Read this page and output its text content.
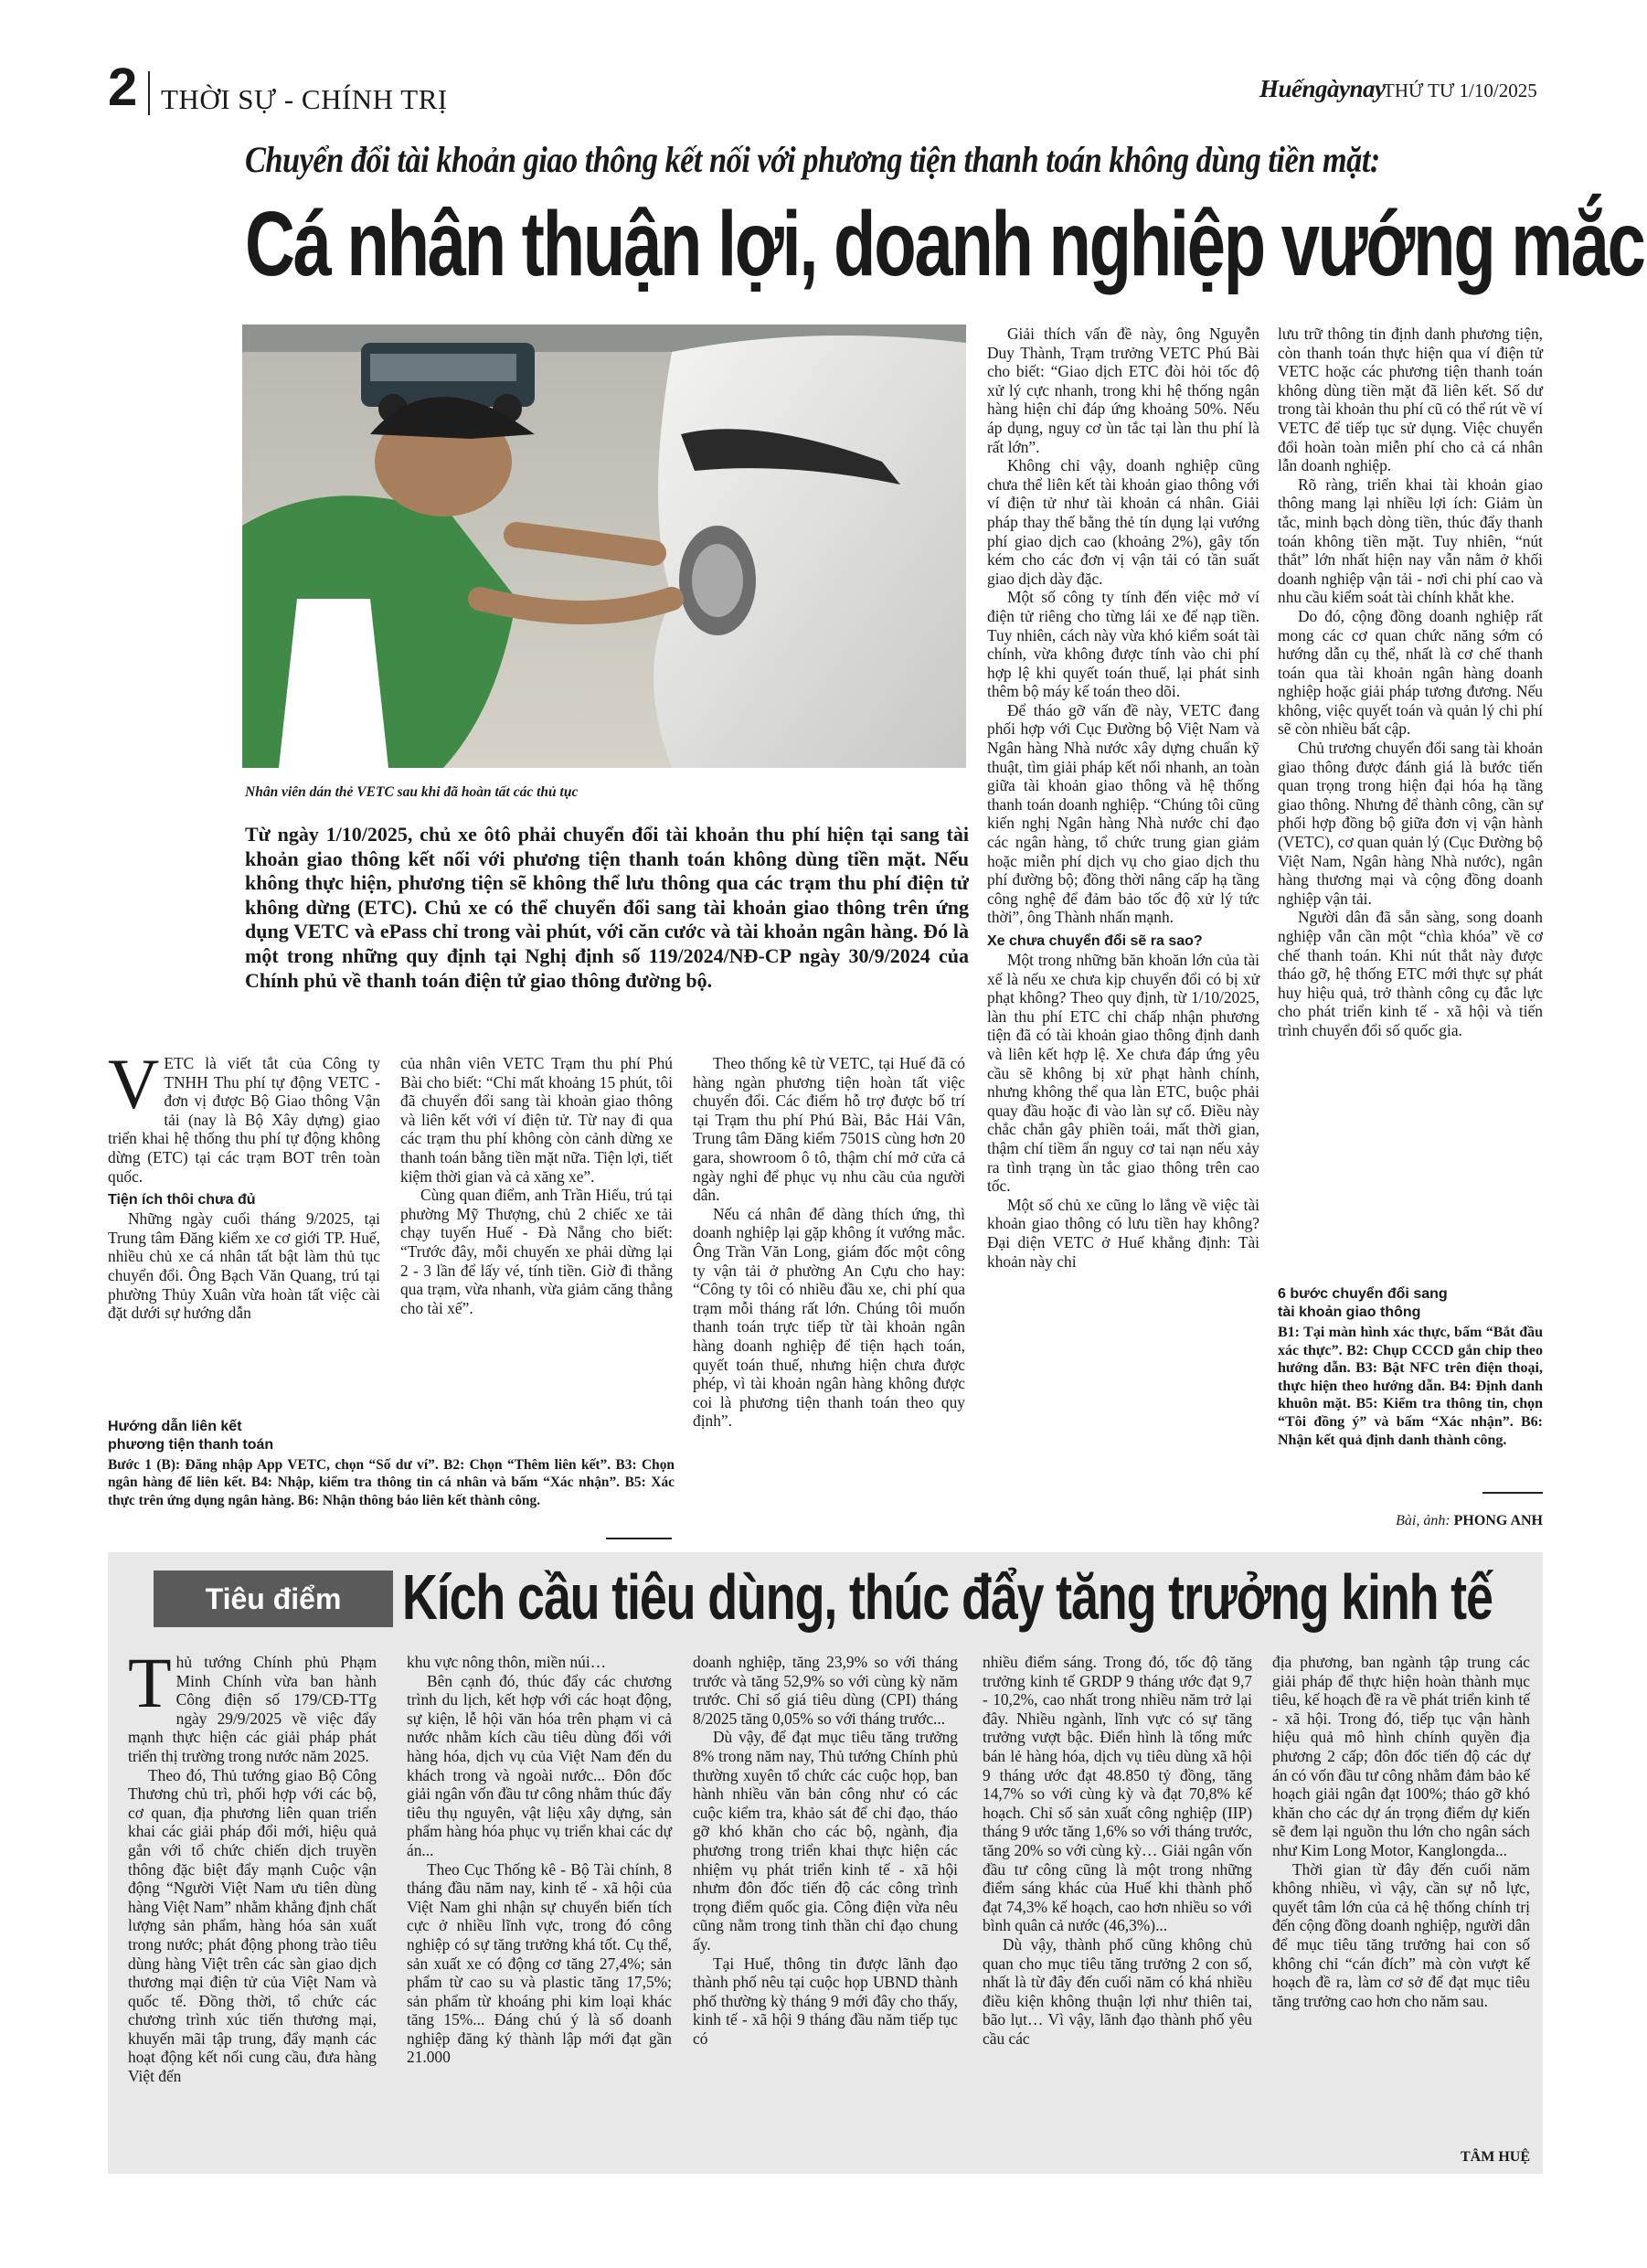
2 THỜI SỰ - CHÍNH TRỊ	Huếngàynay
THỨ TƯ 1/10/2025
Chuyển đổi tài khoản giao thông kết nối với phương tiện thanh toán không dùng tiền mặt:
Cá nhân thuận lợi, doanh nghiệp vướng mắc
Nhân viên dán thẻ VETC sau khi đã hoàn tất các thủ tục
Từ ngày 1/10/2025, chủ xe ôtô phải chuyển đổi tài khoản thu phí hiện tại sang tài khoản giao thông kết nối với phương tiện thanh toán không dùng tiền mặt. Nếu không thực hiện, phương tiện sẽ không thể lưu thông qua các trạm thu phí điện tử không dừng (ETC). Chủ xe có thể chuyển đổi sang tài khoản giao thông trên ứng dụng VETC và ePass chỉ trong vài phút, với căn cước và tài khoản ngân hàng. Đó là một trong những quy định tại Nghị định số 119/2024/NĐ-CP ngày 30/9/2024 của Chính phủ về thanh toán điện tử giao thông đường bộ.

VETC là viết tắt của Công ty TNHH Thu phí tự động VETC - đơn vị được Bộ Giao thông Vận tải (nay là Bộ Xây dựng) giao triển khai hệ thống thu phí tự động không dừng (ETC) tại các trạm BOT trên toàn quốc.

Tiện ích thôi chưa đủ

Những ngày cuối tháng 9/2025, tại Trung tâm Đăng kiểm xe cơ giới TP. Huế, nhiều chủ xe cá nhân tất bật làm thủ tục chuyển đổi. Ông Bạch Văn Quang, trú tại phường Thủy Xuân vừa hoàn tất việc cài đặt dưới sự hướng dẫn

của nhân viên VETC Trạm thu phí Phú Bài cho biết: “Chỉ mất khoảng 15 phút, tôi đã chuyển đổi sang tài khoản giao thông và liên kết với ví điện tử. Từ nay đi qua các trạm thu phí không còn cảnh dừng xe thanh toán bằng tiền mặt nữa. Tiện lợi, tiết kiệm thời gian và cả xăng xe”.

Cùng quan điểm, anh Trần Hiếu, trú tại phường Mỹ Thượng, chủ 2 chiếc xe tải chạy tuyến Huế - Đà Nẵng cho biết: “Trước đây, mỗi chuyến xe phải dừng lại 2 - 3 lần để lấy vé, tính tiền. Giờ đi thẳng qua trạm, vừa nhanh, vừa giảm căng thẳng cho tài xế”.

Hướng dẫn liên kết phương tiện thanh toán
Bước 1 (B): Đăng nhập App VETC, chọn “Số dư ví”. B2: Chọn “Thêm liên kết”. B3: Chọn ngân hàng để liên kết. B4: Nhập, kiểm tra thông tin cá nhân và bấm “Xác nhận”. B5: Xác thực trên ứng dụng ngân hàng. B6: Nhận thông báo liên kết thành công.

Theo thống kê từ VETC, tại Huế đã có hàng ngàn phương tiện hoàn tất việc chuyển đổi. Các điểm hỗ trợ được bố trí tại Trạm thu phí Phú Bài, Bắc Hải Vân, Trung tâm Đăng kiểm 7501S cùng hơn 20 gara, showroom ô tô, thậm chí mở cửa cả ngày nghỉ để phục vụ nhu cầu của người dân.

Nếu cá nhân để dàng thích ứng, thì doanh nghiệp lại gặp không ít vướng mắc. Ông Trần Văn Long, giám đốc một công ty vận tải ở phường An Cựu cho hay: “Công ty tôi có nhiều đầu xe, chi phí qua trạm mỗi tháng rất lớn. Chúng tôi muốn thanh toán trực tiếp từ tài khoản ngân hàng doanh nghiệp để tiện hạch toán, quyết toán thuế, nhưng hiện chưa được phép, vì tài khoản ngân hàng không được coi là phương tiện thanh toán theo quy định”.

Giải thích vấn đề này, ông Nguyễn Duy Thành, Trạm trưởng VETC Phú Bài cho biết: “Giao dịch ETC đòi hỏi tốc độ xử lý cực nhanh, trong khi hệ thống ngân hàng hiện chỉ đáp ứng khoảng 50%. Nếu áp dụng, nguy cơ ùn tắc tại làn thu phí là rất lớn”.

Không chỉ vậy, doanh nghiệp cũng chưa thể liên kết tài khoản giao thông với ví điện tử như tài khoản cá nhân. Giải pháp thay thế bằng thẻ tín dụng lại vướng phí giao dịch cao (khoảng 2%), gây tốn kém cho các đơn vị vận tải có tần suất giao dịch dày đặc.

Một số công ty tính đến việc mở ví điện tử riêng cho từng lái xe để nạp tiền. Tuy nhiên, cách này vừa khó kiểm soát tài chính, vừa không được tính vào chi phí hợp lệ khi quyết toán thuế, lại phát sinh thêm bộ máy kế toán theo dõi.

Để tháo gỡ vấn đề này, VETC đang phối hợp với Cục Đường bộ Việt Nam và Ngân hàng Nhà nước xây dựng chuẩn kỹ thuật, tìm giải pháp kết nối nhanh, an toàn giữa tài khoản giao thông và hệ thống thanh toán doanh nghiệp. “Chúng tôi cũng kiến nghị Ngân hàng Nhà nước chỉ đạo các ngân hàng, tổ chức trung gian giảm hoặc miễn phí dịch vụ cho giao dịch thu phí đường bộ; đồng thời nâng cấp hạ tầng công nghệ để đảm bảo tốc độ xử lý tức thời”, ông Thành nhấn mạnh.

Xe chưa chuyển đổi sẽ ra sao?

Một trong những băn khoăn lớn của tài xế là nếu xe chưa kịp chuyển đổi có bị xử phạt không? Theo quy định, từ 1/10/2025, làn thu phí ETC chỉ chấp nhận phương tiện đã có tài khoản giao thông định danh và liên kết hợp lệ. Xe chưa đáp ứng yêu cầu sẽ không bị xử phạt hành chính, nhưng không thể qua làn ETC, buộc phải quay đầu hoặc đi vào làn sự cố. Điều này chắc chắn gây phiền toái, mất thời gian, thậm chí tiềm ẩn nguy cơ tai nạn nếu xảy ra tình trạng ùn tắc giao thông trên cao tốc.

Một số chủ xe cũng lo lắng về việc tài khoản giao thông có lưu tiền hay không? Đại diện VETC ở Huế khẳng định: Tài khoản này chỉ

lưu trữ thông tin định danh phương tiện, còn thanh toán thực hiện qua ví điện tử VETC hoặc các phương tiện thanh toán không dùng tiền mặt đã liên kết. Số dư trong tài khoản thu phí cũ có thể rút về ví VETC để tiếp tục sử dụng. Việc chuyển đổi hoàn toàn miễn phí cho cả cá nhân lẫn doanh nghiệp.

Rõ ràng, triển khai tài khoản giao thông mang lại nhiều lợi ích: Giảm ùn tắc, minh bạch dòng tiền, thúc đẩy thanh toán không tiền mặt. Tuy nhiên, “nút thắt” lớn nhất hiện nay vẫn nằm ở khối doanh nghiệp vận tải - nơi chi phí cao và nhu cầu kiểm soát tài chính khắt khe.

Do đó, cộng đồng doanh nghiệp rất mong các cơ quan chức năng sớm có hướng dẫn cụ thể, nhất là cơ chế thanh toán qua tài khoản ngân hàng doanh nghiệp hoặc giải pháp tương đương. Nếu không, việc quyết toán và quản lý chi phí sẽ còn nhiều bất cập.

Chủ trương chuyển đổi sang tài khoản giao thông được đánh giá là bước tiến quan trọng trong hiện đại hóa hạ tầng giao thông. Nhưng để thành công, cần sự phối hợp đồng bộ giữa đơn vị vận hành (VETC), cơ quan quản lý (Cục Đường bộ Việt Nam, Ngân hàng Nhà nước), ngân hàng thương mại và cộng đồng doanh nghiệp vận tải.

Người dân đã sẵn sàng, song doanh nghiệp vẫn cần một “chìa khóa” về cơ chế thanh toán. Khi nút thắt này được tháo gỡ, hệ thống ETC mới thực sự phát huy hiệu quả, trở thành công cụ đắc lực cho phát triển kinh tế - xã hội và tiến trình chuyển đổi số quốc gia.

6 bước chuyển đổi sang tài khoản giao thông
B1: Tại màn hình xác thực, bấm “Bắt đầu xác thực”. B2: Chụp CCCD gắn chip theo hướng dẫn. B3: Bật NFC trên điện thoại, thực hiện theo hướng dẫn. B4: Định danh khuôn mặt. B5: Kiểm tra thông tin, chọn “Tôi đồng ý” và bấm “Xác nhận”. B6: Nhận kết quả định danh thành công.
Bài, ảnh: PHONG ANH
Tiêu điểm Kích cầu tiêu dùng, thúc đẩy tăng trưởng kinh tế

Thủ tướng Chính phủ Phạm Minh Chính vừa ban hành Công điện số 179/CĐ-TTg ngày 29/9/2025 về việc đẩy mạnh thực hiện các giải pháp phát triển thị trường trong nước năm 2025.

Theo đó, Thủ tướng giao Bộ Công Thương chủ trì, phối hợp với các bộ, cơ quan, địa phương liên quan triển khai các giải pháp đổi mới, hiệu quả gắn với tổ chức chiến dịch truyền thông đặc biệt đẩy mạnh Cuộc vận động “Người Việt Nam ưu tiên dùng hàng Việt Nam” nhằm khẳng định chất lượng sản phẩm, hàng hóa sản xuất trong nước; phát động phong trào tiêu dùng hàng Việt trên các sàn giao dịch thương mại điện tử của Việt Nam và quốc tế. Đồng thời, tổ chức các chương trình xúc tiến thương mại, khuyến mãi tập trung, đẩy mạnh các hoạt động kết nối cung cầu, đưa hàng Việt đến

khu vực nông thôn, miền núi…

Bên cạnh đó, thúc đẩy các chương trình du lịch, kết hợp với các hoạt động, sự kiện, lễ hội văn hóa trên phạm vi cả nước nhằm kích cầu tiêu dùng đối với hàng hóa, dịch vụ của Việt Nam đến du khách trong và ngoài nước... Đôn đốc giải ngân vốn đầu tư công nhằm thúc đẩy tiêu thụ nguyên, vật liệu xây dựng, sản phẩm hàng hóa phục vụ triển khai các dự án...

Theo Cục Thống kê - Bộ Tài chính, 8 tháng đầu năm nay, kinh tế - xã hội của Việt Nam ghi nhận sự chuyển biến tích cực ở nhiều lĩnh vực, trong đó công nghiệp có sự tăng trưởng khá tốt. Cụ thể, sản xuất xe có động cơ tăng 27,4%; sản phẩm từ cao su và plastic tăng 17,5%; sản phẩm từ khoáng phi kim loại khác tăng 15%... Đáng chú ý là số doanh nghiệp đăng ký thành lập mới đạt gần 21.000

doanh nghiệp, tăng 23,9% so với tháng trước và tăng 52,9% so với cùng kỳ năm trước. Chỉ số giá tiêu dùng (CPI) tháng 8/2025 tăng 0,05% so với tháng trước...

Dù vậy, để đạt mục tiêu tăng trưởng 8% trong năm nay, Thủ tướng Chính phủ thường xuyên tổ chức các cuộc họp, ban hành nhiều văn bản công như có các cuộc kiểm tra, khảo sát để chỉ đạo, tháo gỡ khó khăn cho các bộ, ngành, địa phương trong triển khai thực hiện các nhiệm vụ phát triển kinh tế - xã hội nhưm đôn đốc tiến độ các công trình trọng điểm quốc gia. Công điện vừa nêu cũng nằm trong tinh thần chỉ đạo chung ấy.

Tại Huế, thông tin được lãnh đạo thành phố nêu tại cuộc họp UBND thành phố thường kỳ tháng 9 mới đây cho thấy, kinh tế - xã hội 9 tháng đầu năm tiếp tục có

nhiều điểm sáng. Trong đó, tốc độ tăng trưởng kinh tế GRDP 9 tháng ước đạt 9,7 - 10,2%, cao nhất trong nhiều năm trở lại đây. Nhiều ngành, lĩnh vực có sự tăng trưởng vượt bậc. Điển hình là tổng mức bán lẻ hàng hóa, dịch vụ tiêu dùng xã hội 9 tháng ước đạt 48.850 tỷ đồng, tăng 14,7% so với cùng kỳ và đạt 70,8% kế hoạch. Chỉ số sản xuất công nghiệp (IIP) tháng 9 ước tăng 1,6% so với tháng trước, tăng 20% so với cùng kỳ… Giải ngân vốn đầu tư công cũng là một trong những điểm sáng khác của Huế khi thành phố đạt 74,3% kế hoạch, cao hơn nhiều so với bình quân cả nước (46,3%)...

Dù vậy, thành phố cũng không chủ quan cho mục tiêu tăng trưởng 2 con số, nhất là từ đây đến cuối năm có khá nhiều điều kiện không thuận lợi như thiên tai, bão lụt… Vì vậy, lãnh đạo thành phố yêu cầu các

địa phương, ban ngành tập trung các giải pháp để thực hiện hoàn thành mục tiêu, kế hoạch đề ra về phát triển kinh tế - xã hội. Trong đó, tiếp tục vận hành hiệu quả mô hình chính quyền địa phương 2 cấp; đôn đốc tiến độ các dự án có vốn đầu tư công nhằm đảm bảo kế hoạch giải ngân đạt 100%; tháo gỡ khó khăn cho các dự án trọng điểm dự kiến sẽ đem lại nguồn thu lớn cho ngân sách như Kim Long Motor, Kanglongda...

Thời gian từ đây đến cuối năm không nhiều, vì vậy, cần sự nỗ lực, quyết tâm lớn của cả hệ thống chính trị đến cộng đồng doanh nghiệp, người dân để mục tiêu tăng trưởng hai con số không chỉ “cán đích” mà còn vượt kế hoạch đề ra, làm cơ sở để đạt mục tiêu tăng trưởng cao hơn cho năm sau.

TÂM HUỆ
